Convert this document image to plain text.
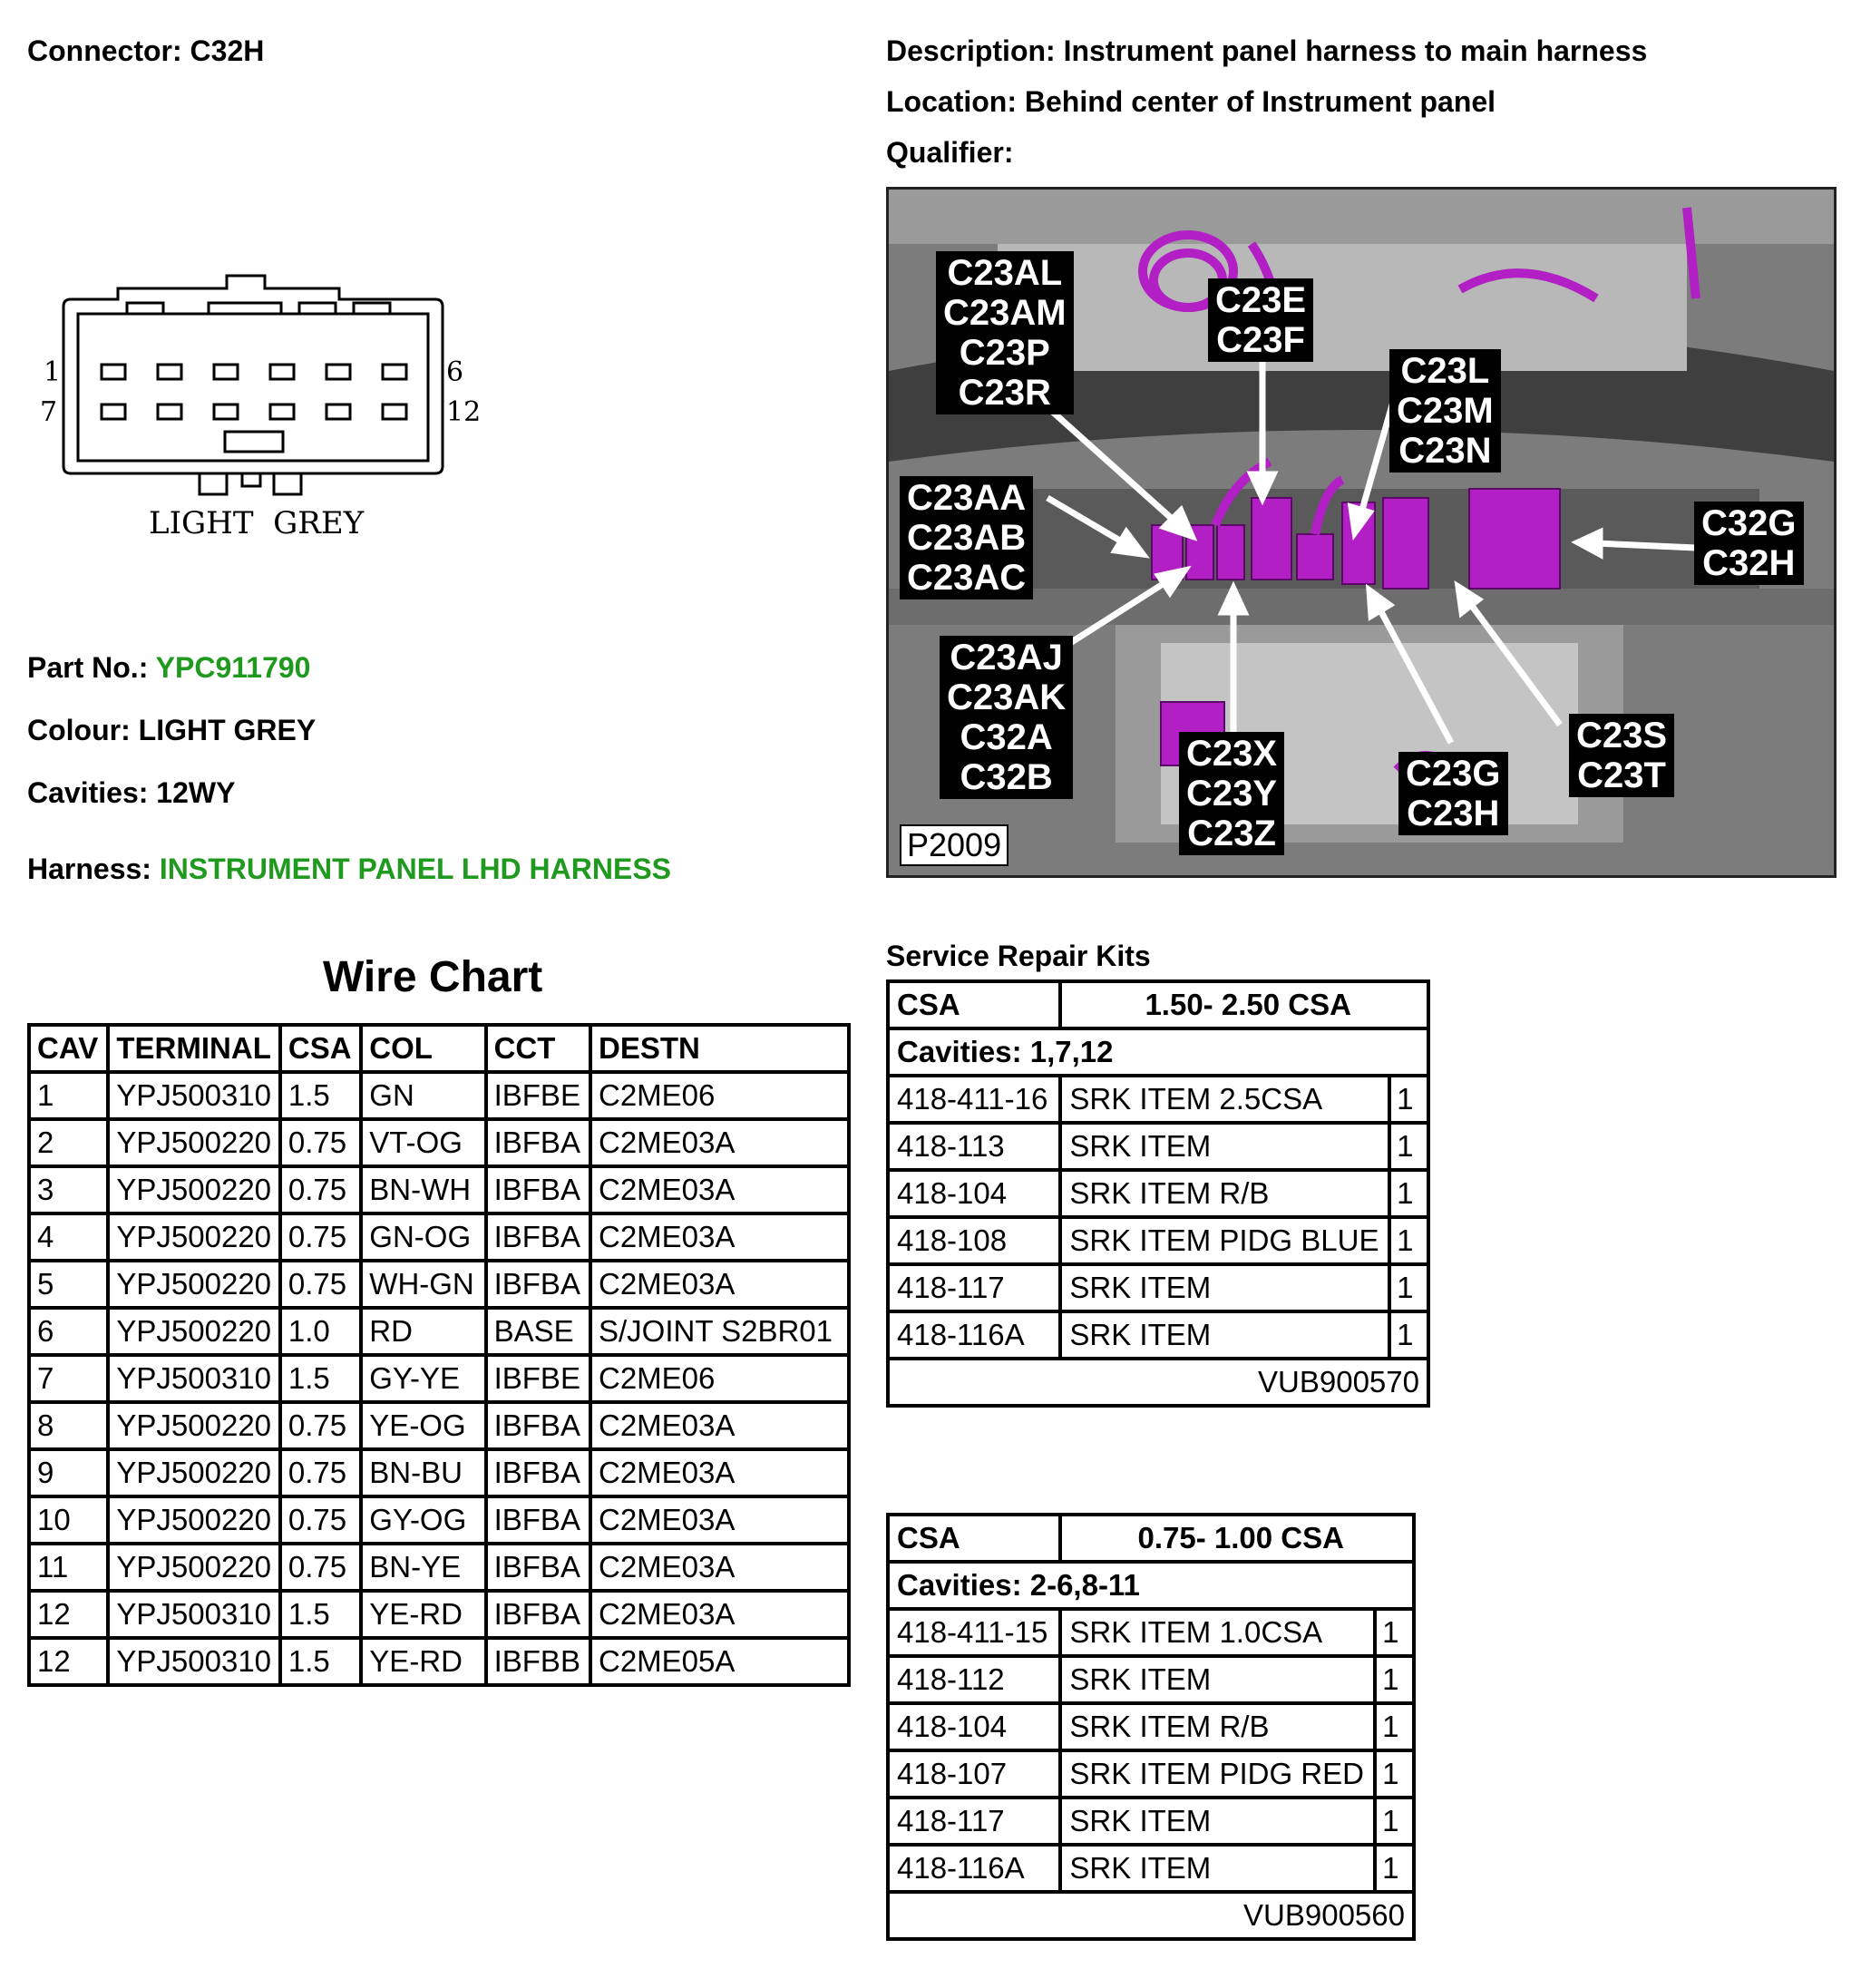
Connector: C32H	Description: Instrument panel harness to main harness
Location: Behind center of Instrument panel
Qualifier:
1
7
6
12
LIGHT  GREY
Part No.: YPC911790
Colour: LIGHT GREY
Cavities: 12WY
Harness: INSTRUMENT PANEL LHD HARNESS
C23AL
C23AM
C23P
C23R
C23E
C23F
C23L
C23M
C23N
C23AA
C23AB
C23AC
C32G
C32H
C23AJ
C23AK
C32A
C32B
C23X
C23Y
C23Z
C23G
C23H
C23S
C23T
P2009
Wire Chart
CAV	TERMINAL	CSA	COL	CCT	DESTN
1	YPJ500310	1.5	GN	IBFBE	C2ME06
2	YPJ500220	0.75	VT-OG	IBFBA	C2ME03A
3	YPJ500220	0.75	BN-WH	IBFBA	C2ME03A
4	YPJ500220	0.75	GN-OG	IBFBA	C2ME03A
5	YPJ500220	0.75	WH-GN	IBFBA	C2ME03A
6	YPJ500220	1.0	RD	BASE	S/JOINT S2BR01
7	YPJ500310	1.5	GY-YE	IBFBE	C2ME06
8	YPJ500220	0.75	YE-OG	IBFBA	C2ME03A
9	YPJ500220	0.75	BN-BU	IBFBA	C2ME03A
10	YPJ500220	0.75	GY-OG	IBFBA	C2ME03A
11	YPJ500220	0.75	BN-YE	IBFBA	C2ME03A
12	YPJ500310	1.5	YE-RD	IBFBA	C2ME03A
12	YPJ500310	1.5	YE-RD	IBFBB	C2ME05A
Service Repair Kits
CSA	1.50- 2.50 CSA	
Cavities: 1,7,12		
418-411-16	SRK ITEM 2.5CSA	1
418-113	SRK ITEM	1
418-104	SRK ITEM R/B	1
418-108	SRK ITEM PIDG BLUE	1
418-117	SRK ITEM	1
418-116A	SRK ITEM	1
VUB900570		
CSA	0.75- 1.00 CSA	
Cavities: 2-6,8-11		
418-411-15	SRK ITEM 1.0CSA	1
418-112	SRK ITEM	1
418-104	SRK ITEM R/B	1
418-107	SRK ITEM PIDG RED	1
418-117	SRK ITEM	1
418-116A	SRK ITEM	1
VUB900560		
